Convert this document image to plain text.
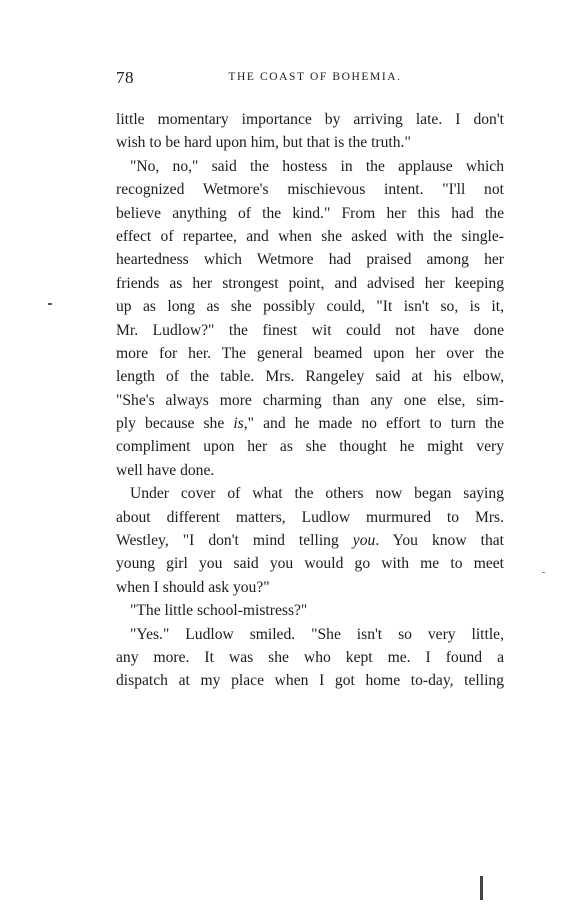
78	THE COAST OF BOHEMIA.
little momentary importance by arriving late. I don't
wish to be hard upon him, but that is the truth."
"No, no," said the hostess in the applause which
recognized Wetmore's mischievous intent. "I'll not
believe anything of the kind." From her this had the
effect of repartee, and when she asked with the single-
heartedness which Wetmore had praised among her
friends as her strongest point, and advised her keeping
up as long as she possibly could, "It isn't so, is it,
Mr. Ludlow?" the finest wit could not have done
more for her. The general beamed upon her over the
length of the table. Mrs. Rangeley said at his elbow,
"She's always more charming than any one else, sim-
ply because she is," and he made no effort to turn the
compliment upon her as she thought he might very
well have done.
Under cover of what the others now began saying
about different matters, Ludlow murmured to Mrs.
Westley, "I don't mind telling you. You know that
young girl you said you would go with me to meet
when I should ask you?"
"The little school-mistress?"
"Yes." Ludlow smiled. "She isn't so very little,
any more. It was she who kept me. I found a
dispatch at my place when I got home to-day, telling
